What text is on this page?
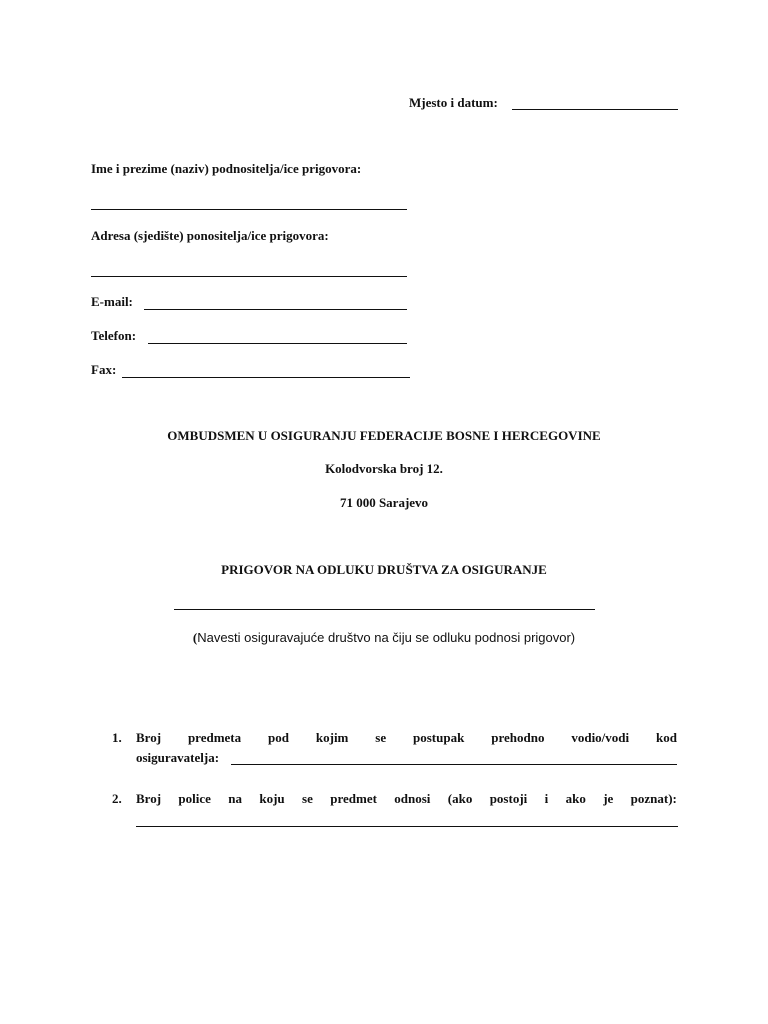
Mjesto i datum:
Ime i prezime (naziv) podnositelja/ice prigovora:
Adresa (sjedište) ponositelja/ice prigovora:
E-mail:
Telefon:
Fax:
OMBUDSMEN U OSIGURANJU FEDERACIJE BOSNE I HERCEGOVINE
Kolodvorska broj 12.
71 000 Sarajevo
PRIGOVOR NA ODLUKU DRUŠTVA ZA OSIGURANJE
(Navesti osiguravajuće društvo na čiju se odluku podnosi prigovor)
1. Broj predmeta pod kojim se postupak prehodno vodio/vodi kod
osiguravatelja:
2. Broj police na koju se predmet odnosi (ako postoji i ako je poznat):
